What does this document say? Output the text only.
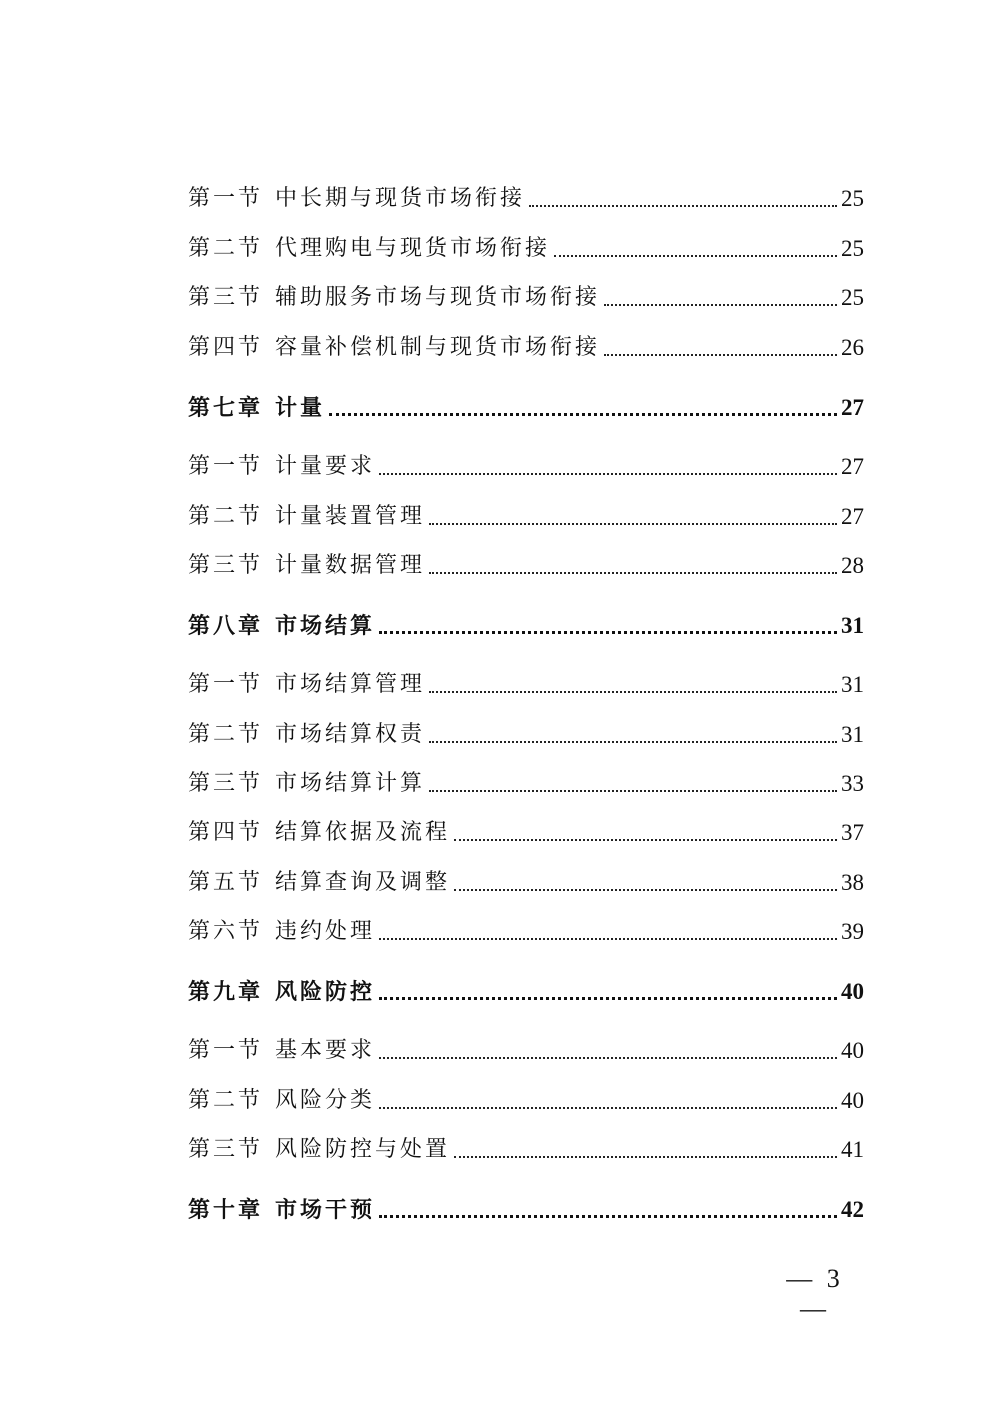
第一节 中长期与现货市场衔接	25
第二节 代理购电与现货市场衔接	25
第三节 辅助服务市场与现货市场衔接	25
第四节 容量补偿机制与现货市场衔接	26
第七章 计量	27
第一节 计量要求	27
第二节 计量装置管理	27
第三节 计量数据管理	28
第八章 市场结算	31
第一节 市场结算管理	31
第二节 市场结算权责	31
第三节 市场结算计算	33
第四节 结算依据及流程	37
第五节 结算查询及调整	38
第六节 违约处理	39
第九章 风险防控	40
第一节 基本要求	40
第二节 风险分类	40
第三节 风险防控与处置	41
第十章 市场干预	42
— 3 —
